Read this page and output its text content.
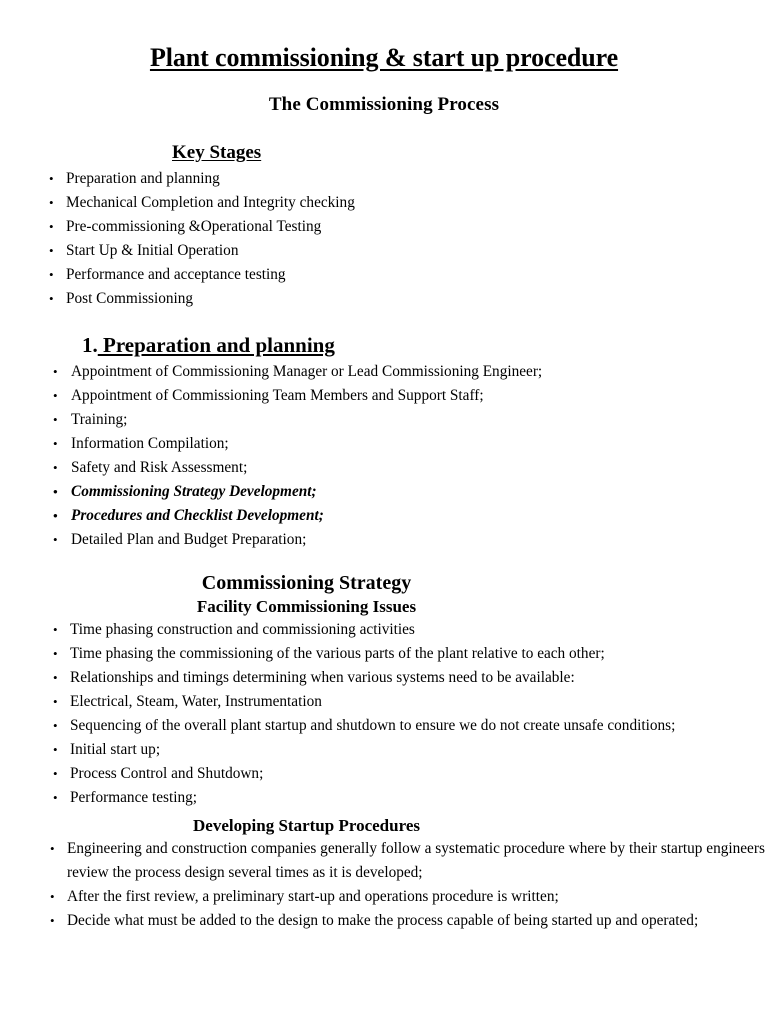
Plant commissioning & start up procedure
The Commissioning Process
Key Stages
• Preparation and planning
• Mechanical Completion and Integrity checking
• Pre-commissioning &Operational Testing
• Start Up & Initial Operation
• Performance and acceptance testing
• Post Commissioning
1. Preparation and planning
• Appointment of Commissioning Manager or Lead Commissioning Engineer;
• Appointment of Commissioning Team Members and Support Staff;
• Training;
• Information Compilation;
• Safety and Risk Assessment;
• Commissioning Strategy Development;
• Procedures and Checklist Development;
• Detailed Plan and Budget Preparation;
Commissioning Strategy
Facility Commissioning Issues
• Time phasing construction and commissioning activities
• Time phasing the commissioning of the various parts of the plant relative to each other;
• Relationships and timings determining when various systems need to be available:
• Electrical, Steam, Water, Instrumentation
• Sequencing of the overall plant startup and shutdown to ensure we do not create unsafe conditions;
• Initial start up;
• Process Control and Shutdown;
• Performance testing;
Developing Startup Procedures
• Engineering and construction companies generally follow a systematic procedure where by their startup engineers review the process design several times as it is developed;
• After the first review, a preliminary start-up and operations procedure is written;
• Decide what must be added to the design to make the process capable of being started up and operated;
